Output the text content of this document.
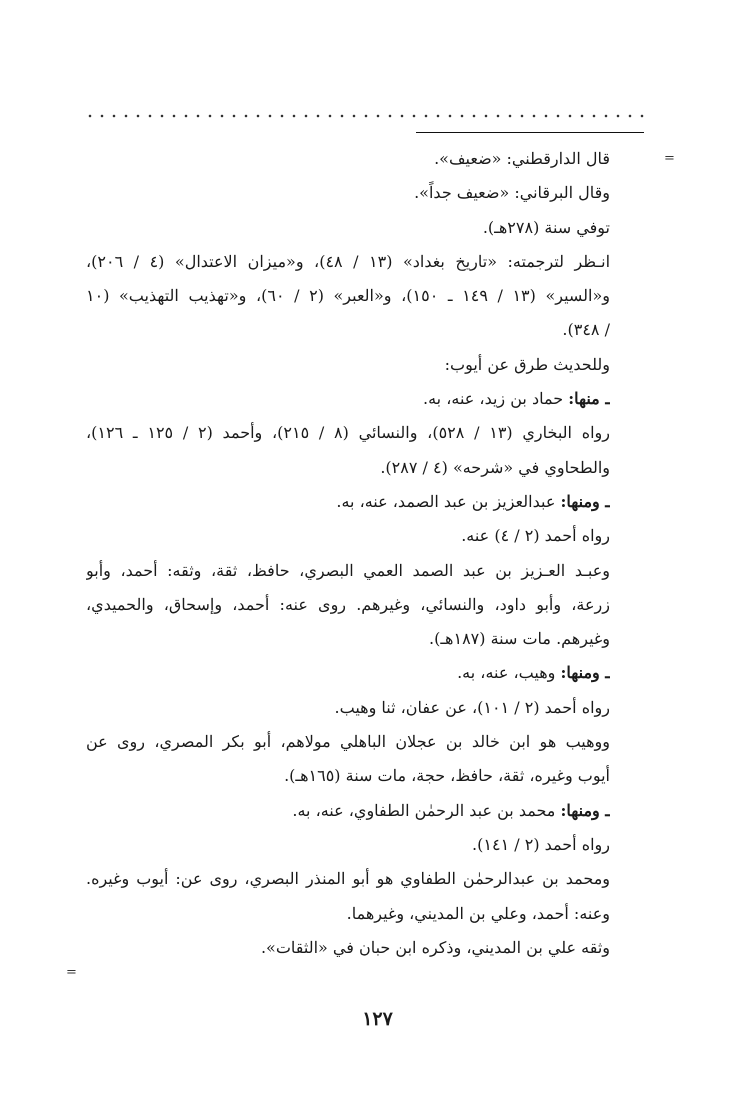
=
=
قال الدارقطني: «ضعيف».
وقال البرقاني: «ضعيف جداً».
توفي سنة (٢٧٨هـ).
انـظر لترجمته: «تاريخ بغداد» (١٣ / ٤٨)، و«ميزان الاعتدال» (٤ / ٢٠٦)،
و«السير» (١٣ / ١٤٩ ـ ١٥٠)، و«العبر» (٢ / ٦٠)، و«تهذيب التهذيب» (١٠
/ ٣٤٨).
وللحديث طرق عن أيوب:
ـ منها: حماد بن زيد، عنه، به.
رواه البخاري (١٣ / ٥٢٨)، والنسائي (٨ / ٢١٥)، وأحمد (٢ / ١٢٥ ـ ١٢٦)،
والطحاوي في «شرحه» (٤ / ٢٨٧).
ـ ومنها: عبدالعزيز بن عبد الصمد، عنه، به.
رواه أحمد (٢ / ٤) عنه.
وعبـد العـزيز بن عبد الصمد العمي البصري، حافظ، ثقة، وثقه: أحمد، وأبو
زرعة، وأبو داود، والنسائي، وغيرهم. روى عنه: أحمد، وإسحاق، والحميدي،
وغيرهم. مات سنة (١٨٧هـ).
ـ ومنها: وهيب، عنه، به.
رواه أحمد (٢ / ١٠١)، عن عفان، ثنا وهيب.
ووهيب هو ابن خالد بن عجلان الباهلي مولاهم، أبو بكر المصري، روى عن
أيوب وغيره، ثقة، حافظ، حجة، مات سنة (١٦٥هـ).
ـ ومنها: محمد بن عبد الرحمٰن الطفاوي، عنه، به.
رواه أحمد (٢ / ١٤١).
ومحمد بن عبدالرحمٰن الطفاوي هو أبو المنذر البصري، روى عن: أيوب وغيره.
وعنه: أحمد، وعلي بن المديني، وغيرهما.
وثقه علي بن المديني، وذكره ابن حبان في «الثقات».
١٢٧
